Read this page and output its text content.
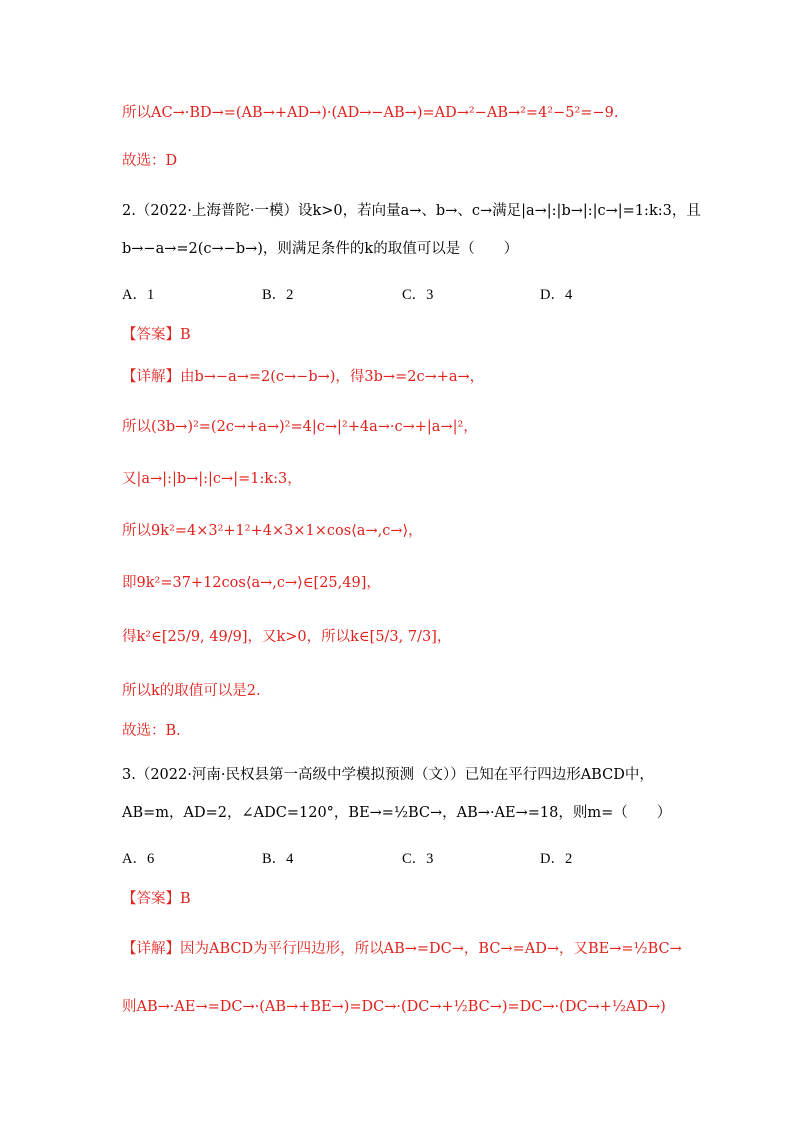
所以AC→·BD→=(AB→+AD→)·(AD→−AB→)=AD→²−AB→²=4²−5²=−9.
故选：D
2.（2022·上海普陀·一模）设k>0，若向量a→、b→、c→满足|a→|:|b→|:|c→|=1:k:3，且
b→−a→=2(c→−b→)，则满足条件的k的取值可以是（　　）
A．1	B．2	C．3	D．4
【答案】B
【详解】由b→−a→=2(c→−b→)，得3b→=2c→+a→，
所以(3b→)²=(2c→+a→)²=4|c→|²+4a→·c→+|a→|²，
又|a→|:|b→|:|c→|=1:k:3，
所以9k²=4×3²+1²+4×3×1×cos⟨a→,c→⟩，
即9k²=37+12cos⟨a→,c→⟩∈[25,49]，
得k²∈[25/9, 49/9]，又k>0，所以k∈[5/3, 7/3]，
所以k的取值可以是2.
故选：B.
3.（2022·河南·民权县第一高级中学模拟预测（文））已知在平行四边形ABCD中，
AB=m，AD=2，∠ADC=120°，BE→=½BC→，AB→·AE→=18，则m=（　　）
A．6	B．4	C．3	D．2
【答案】B
【详解】因为ABCD为平行四边形，所以AB→=DC→，BC→=AD→，又BE→=½BC→
则AB→·AE→=DC→·(AB→+BE→)=DC→·(DC→+½BC→)=DC→·(DC→+½AD→)
